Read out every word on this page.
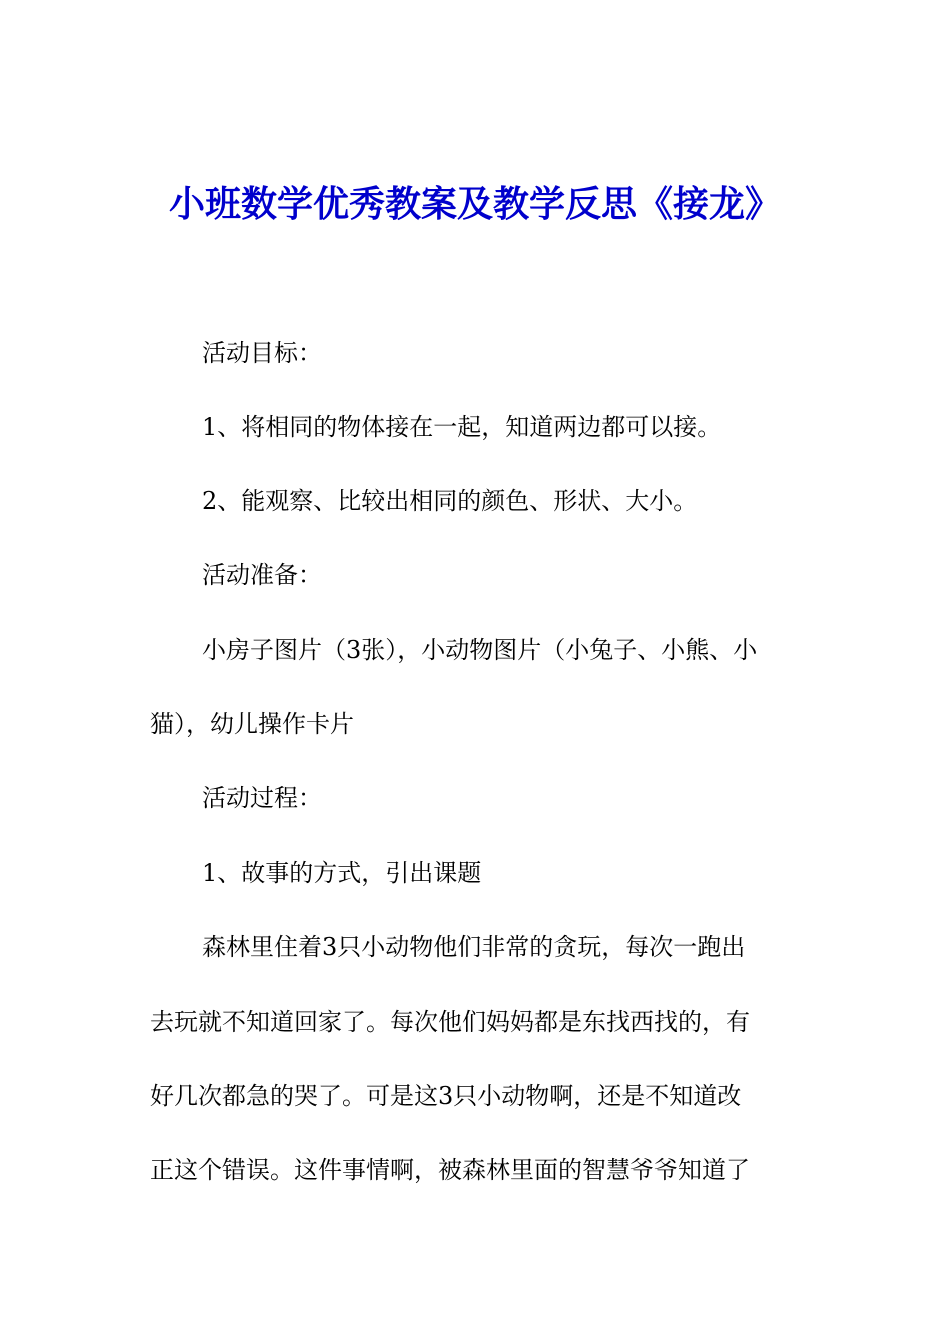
小班数学优秀教案及教学反思《接龙》
活动目标：
1、将相同的物体接在一起，知道两边都可以接。
2、能观察、比较出相同的颜色、形状、大小。
活动准备：
小房子图片（3张），小动物图片（小兔子、小熊、小
猫），幼儿操作卡片
活动过程：
1、故事的方式，引出课题
森林里住着3只小动物他们非常的贪玩，每次一跑出
去玩就不知道回家了。每次他们妈妈都是东找西找的，有
好几次都急的哭了。可是这3只小动物啊，还是不知道改
正这个错误。这件事情啊，被森林里面的智慧爷爷知道了
